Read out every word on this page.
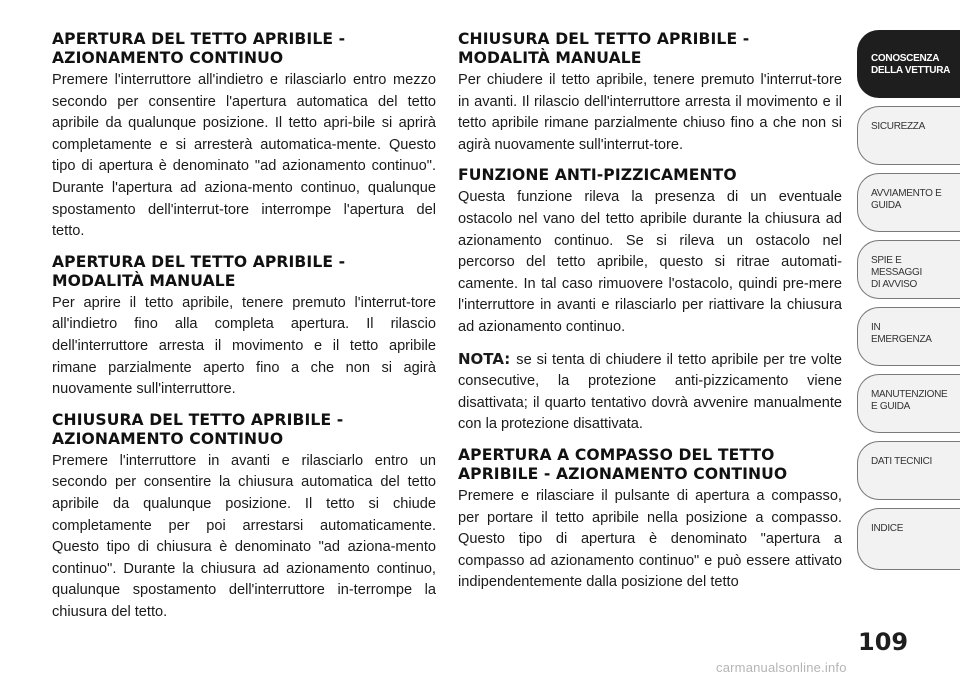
APERTURA DEL TETTO APRIBILE -
AZIONAMENTO CONTINUO

Premere l'interruttore all'indietro e rilasciarlo entro mezzo secondo per consentire l'apertura automatica del tetto apribile da qualunque posizione. Il tetto apri-bile si aprirà completamente e si arresterà automatica-mente. Questo tipo di apertura è denominato "ad azionamento continuo". Durante l'apertura ad aziona-mento continuo, qualunque spostamento dell'interrut-tore interrompe l'apertura del tetto.

APERTURA DEL TETTO APRIBILE -
MODALITÀ MANUALE

Per aprire il tetto apribile, tenere premuto l'interrut-tore all'indietro fino alla completa apertura. Il rilascio dell'interruttore arresta il movimento e il tetto apribile rimane parzialmente aperto fino a che non si agirà nuovamente sull'interruttore.

CHIUSURA DEL TETTO APRIBILE -
AZIONAMENTO CONTINUO

Premere l'interruttore in avanti e rilasciarlo entro un secondo per consentire la chiusura automatica del tetto apribile da qualunque posizione. Il tetto si chiude completamente per poi arrestarsi automaticamente. Questo tipo di chiusura è denominato "ad aziona-mento continuo". Durante la chiusura ad azionamento continuo, qualunque spostamento dell'interruttore in-terrompe la chiusura del tetto.

CHIUSURA DEL TETTO APRIBILE -
MODALITÀ MANUALE

Per chiudere il tetto apribile, tenere premuto l'interrut-tore in avanti. Il rilascio dell'interruttore arresta il movimento e il tetto apribile rimane parzialmente chiuso fino a che non si agirà nuovamente sull'interrut-tore.

FUNZIONE ANTI-PIZZICAMENTO

Questa funzione rileva la presenza di un eventuale ostacolo nel vano del tetto apribile durante la chiusura ad azionamento continuo. Se si rileva un ostacolo nel percorso del tetto apribile, questo si ritrae automati-camente. In tal caso rimuovere l'ostacolo, quindi pre-mere l'interruttore in avanti e rilasciarlo per riattivare la chiusura ad azionamento continuo.

NOTA: se si tenta di chiudere il tetto apribile per tre volte consecutive, la protezione anti-pizzicamento viene disattivata; il quarto tentativo dovrà avvenire manualmente con la protezione disattivata.

APERTURA A COMPASSO DEL TETTO
APRIBILE - AZIONAMENTO CONTINUO

Premere e rilasciare il pulsante di apertura a compasso, per portare il tetto apribile nella posizione a compasso. Questo tipo di apertura è denominato "apertura a compasso ad azionamento continuo" e può essere attivato indipendentemente dalla posizione del tetto

CONOSCENZA
DELLA VETTURA
SICUREZZA
AVVIAMENTO E
GUIDA
SPIE E
MESSAGGI
DI AVVISO
IN
EMERGENZA
MANUTENZIONE
E GUIDA
DATI TECNICI
INDICE
109
carmanualsonline.info
